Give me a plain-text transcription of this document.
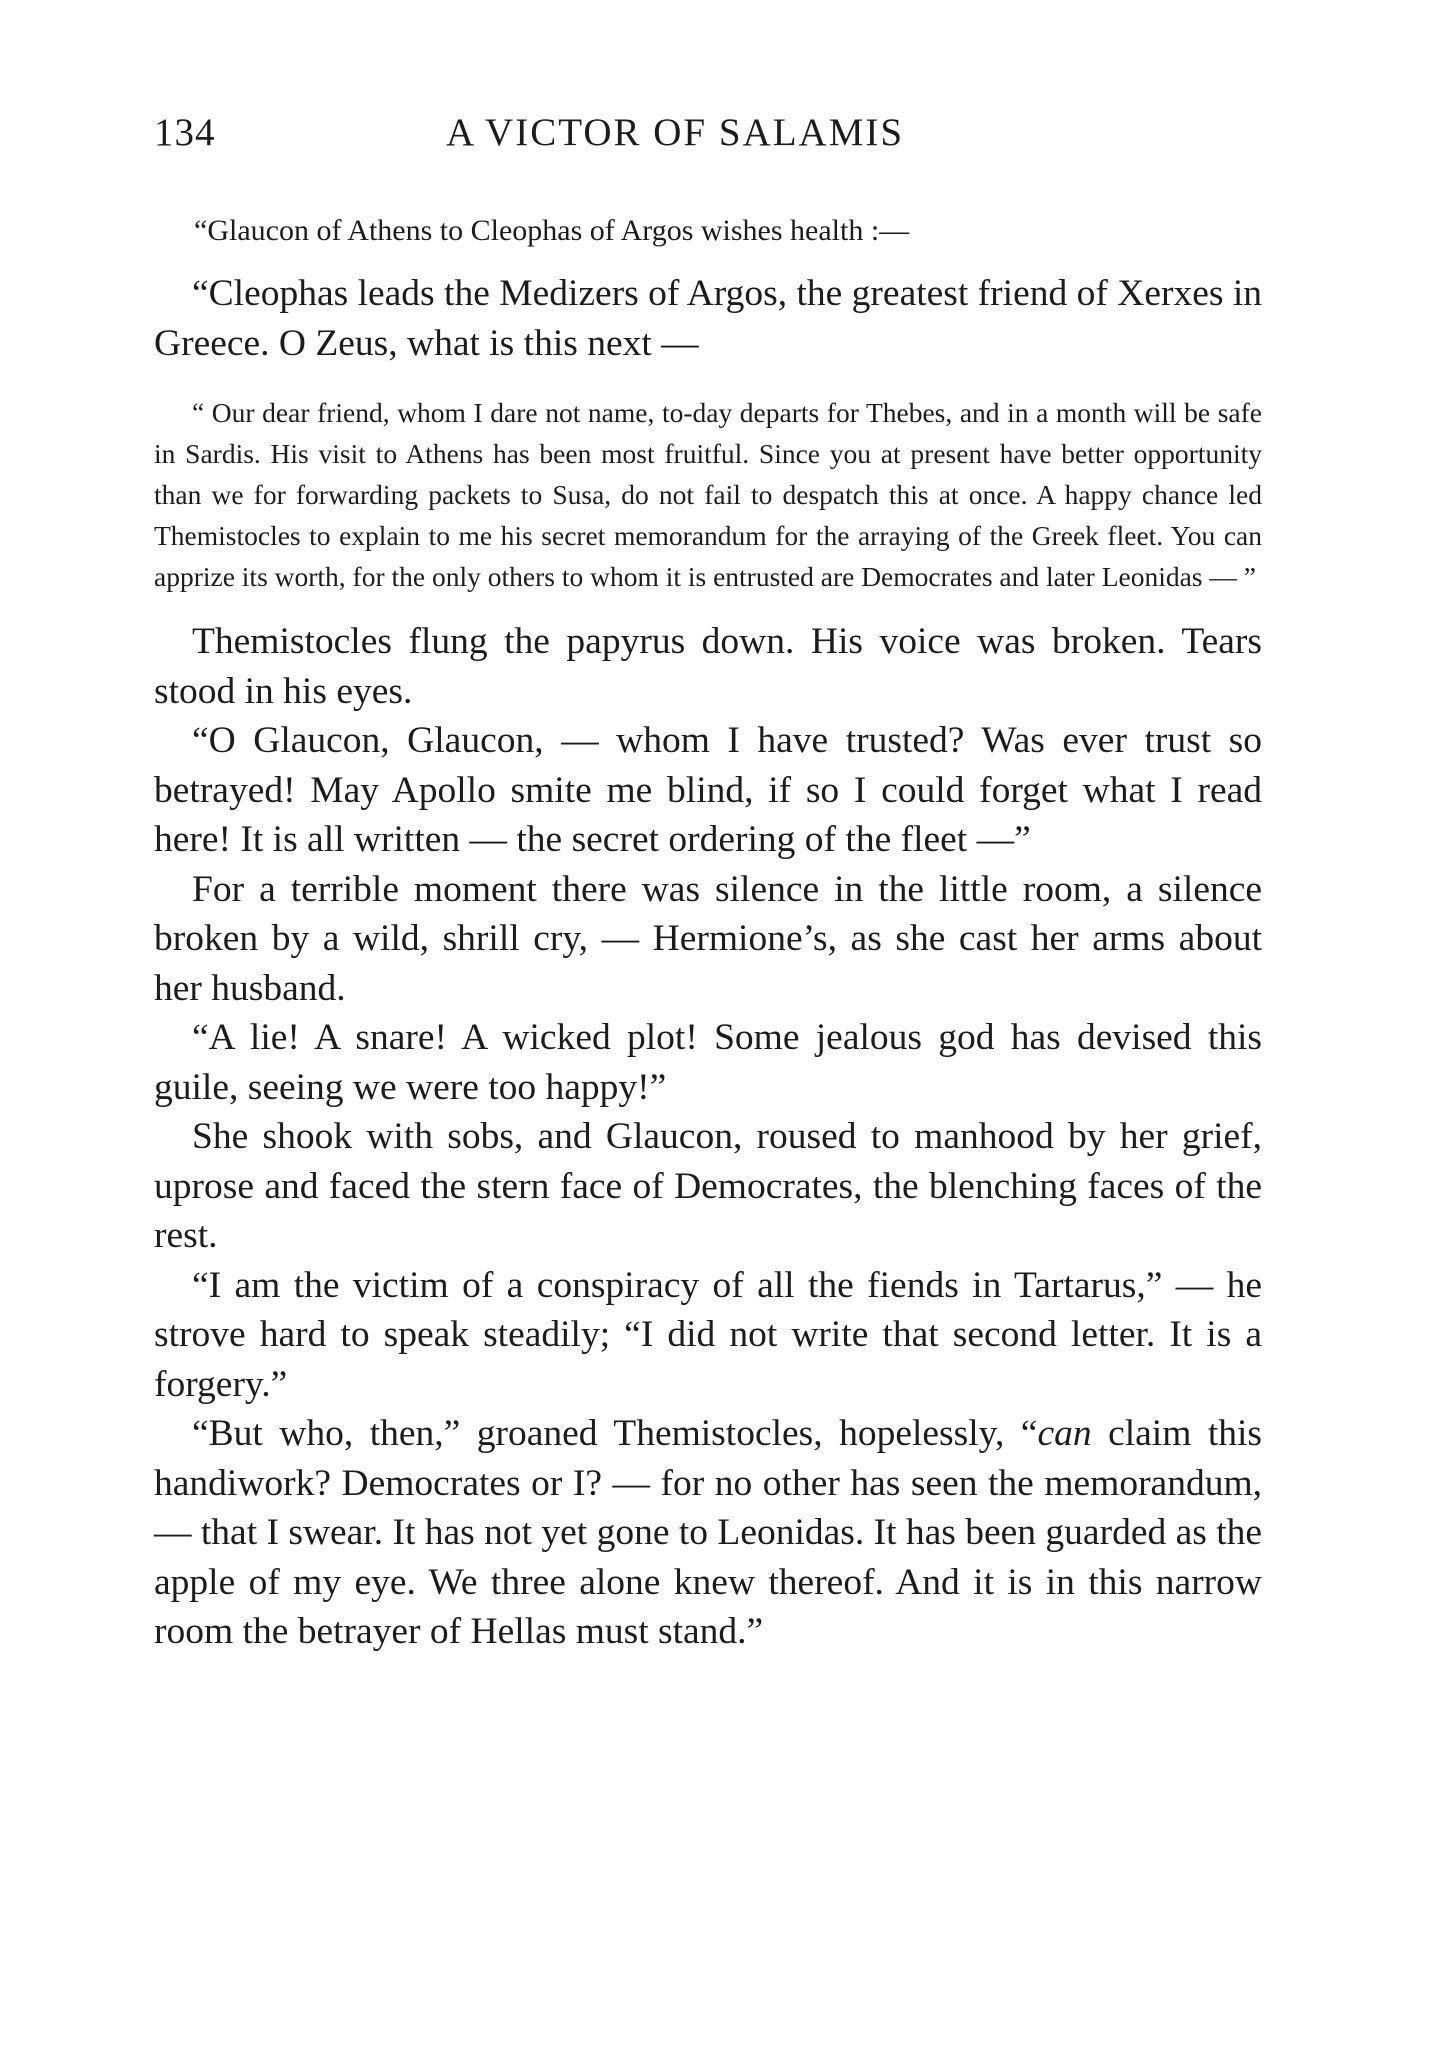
134	A VICTOR OF SALAMIS
“Glaucon of Athens to Cleophas of Argos wishes health :—

“Cleophas leads the Medizers of Argos, the greatest friend of Xerxes in Greece. O Zeus, what is this next —

“ Our dear friend, whom I dare not name, to-day departs for Thebes, and in a month will be safe in Sardis. His visit to Athens has been most fruitful. Since you at present have better opportunity than we for forwarding packets to Susa, do not fail to despatch this at once. A happy chance led Themistocles to explain to me his secret memorandum for the arraying of the Greek fleet. You can apprize its worth, for the only others to whom it is entrusted are Democrates and later Leonidas — ”

Themistocles flung the papyrus down. His voice was broken. Tears stood in his eyes.

“O Glaucon, Glaucon, — whom I have trusted? Was ever trust so betrayed! May Apollo smite me blind, if so I could forget what I read here! It is all written — the secret ordering of the fleet —”

For a terrible moment there was silence in the little room, a silence broken by a wild, shrill cry, — Hermione’s, as she cast her arms about her husband.

“A lie! A snare! A wicked plot! Some jealous god has devised this guile, seeing we were too happy!”

She shook with sobs, and Glaucon, roused to manhood by her grief, uprose and faced the stern face of Democrates, the blenching faces of the rest.

“I am the victim of a conspiracy of all the fiends in Tartarus,” — he strove hard to speak steadily; “I did not write that second letter. It is a forgery.”

“But who, then,” groaned Themistocles, hopelessly, “can claim this handiwork? Democrates or I? — for no other has seen the memorandum, — that I swear. It has not yet gone to Leonidas. It has been guarded as the apple of my eye. We three alone knew thereof. And it is in this narrow room the betrayer of Hellas must stand.”
